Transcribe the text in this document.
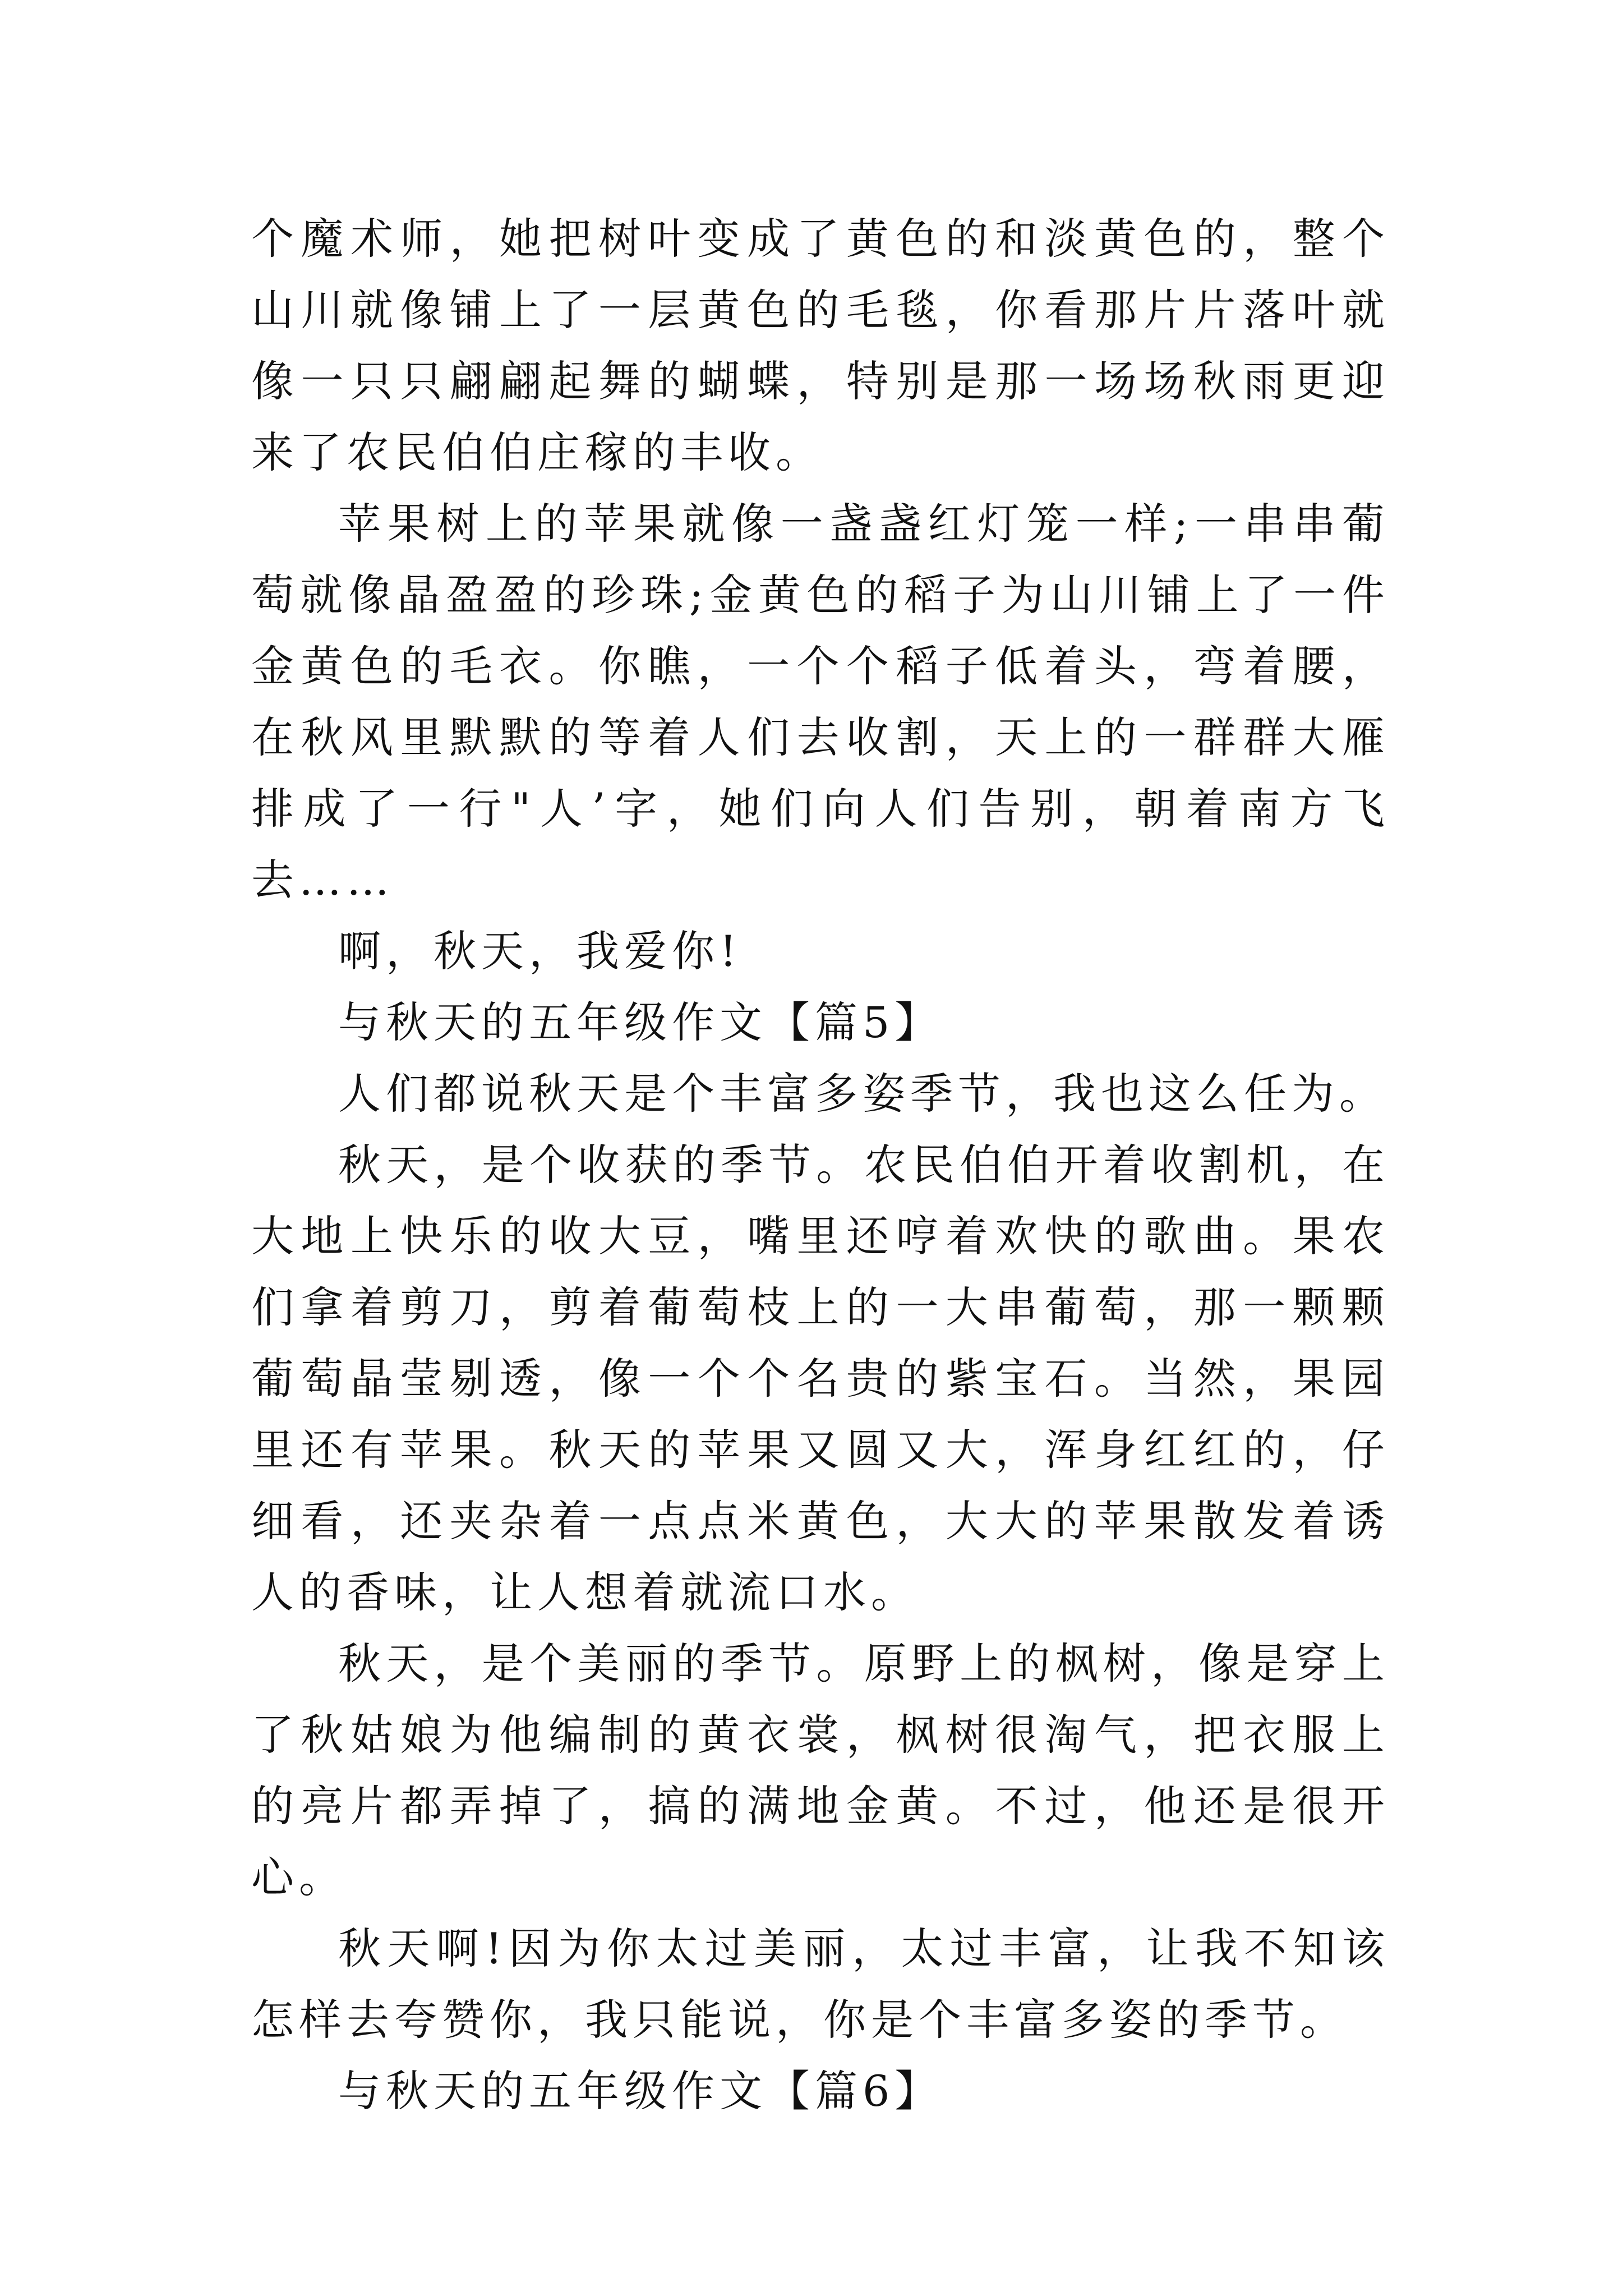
个魔术师，她把树叶变成了黄色的和淡黄色的，整个山川就像铺上了一层黄色的毛毯，你看那片片落叶就像一只只翩翩起舞的蝴蝶，特别是那一场场秋雨更迎来了农民伯伯庄稼的丰收。

苹果树上的苹果就像一盏盏红灯笼一样;一串串葡萄就像晶盈盈的珍珠;金黄色的稻子为山川铺上了一件金黄色的毛衣。你瞧，一个个稻子低着头，弯着腰，在秋风里默默的等着人们去收割，天上的一群群大雁排成了一行"人’字，她们向人们告别，朝着南方飞去……

啊，秋天，我爱你!

与秋天的五年级作文【篇5】

人们都说秋天是个丰富多姿季节，我也这么任为。

秋天，是个收获的季节。农民伯伯开着收割机，在大地上快乐的收大豆，嘴里还哼着欢快的歌曲。果农们拿着剪刀，剪着葡萄枝上的一大串葡萄，那一颗颗葡萄晶莹剔透，像一个个名贵的紫宝石。当然，果园里还有苹果。秋天的苹果又圆又大，浑身红红的，仔细看，还夹杂着一点点米黄色，大大的苹果散发着诱人的香味，让人想着就流口水。

秋天，是个美丽的季节。原野上的枫树，像是穿上了秋姑娘为他编制的黄衣裳，枫树很淘气，把衣服上的亮片都弄掉了，搞的满地金黄。不过，他还是很开心。

秋天啊!因为你太过美丽，太过丰富，让我不知该怎样去夸赞你，我只能说，你是个丰富多姿的季节。

与秋天的五年级作文【篇6】
